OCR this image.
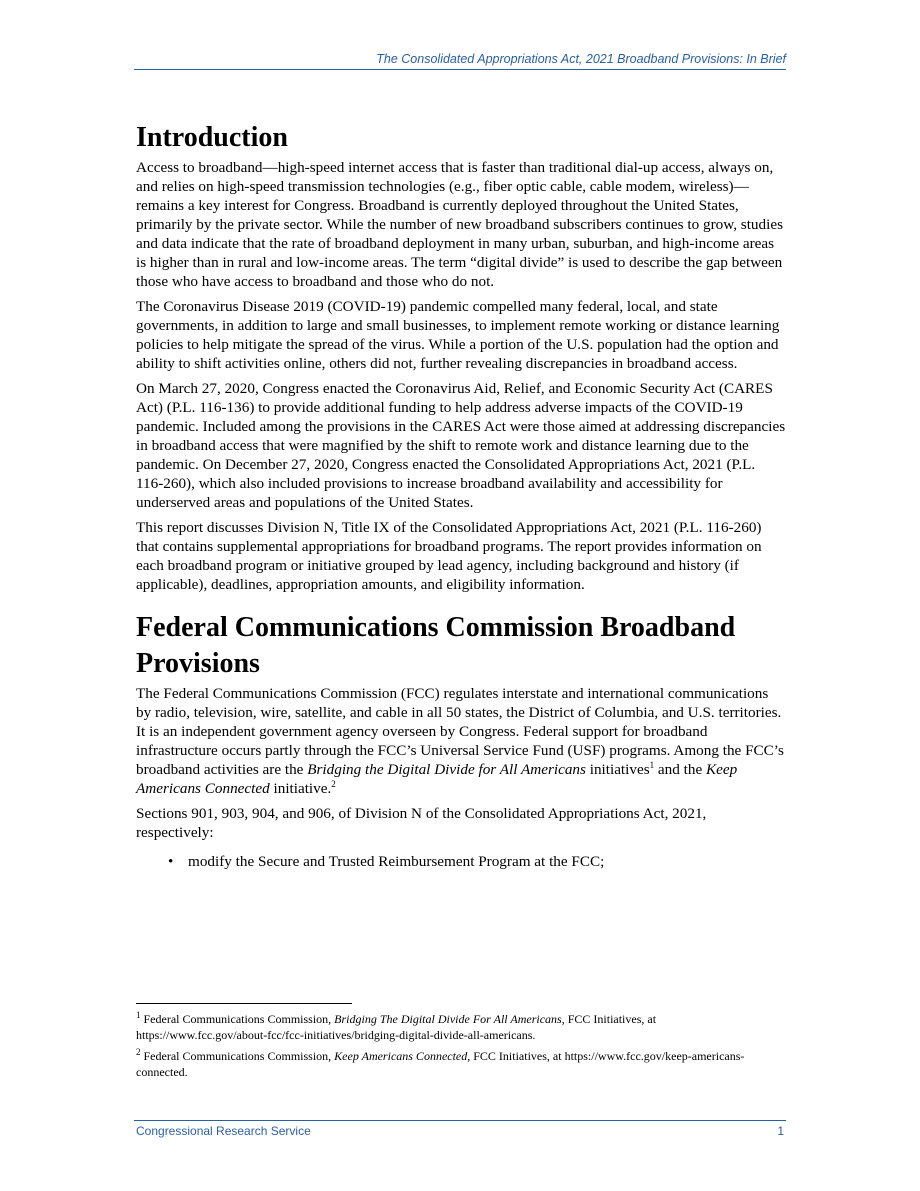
The Consolidated Appropriations Act, 2021 Broadband Provisions: In Brief
Introduction

Access to broadband—high-speed internet access that is faster than traditional dial-up access, always on, and relies on high-speed transmission technologies (e.g., fiber optic cable, cable modem, wireless)—remains a key interest for Congress. Broadband is currently deployed throughout the United States, primarily by the private sector. While the number of new broadband subscribers continues to grow, studies and data indicate that the rate of broadband deployment in many urban, suburban, and high-income areas is higher than in rural and low-income areas. The term “digital divide” is used to describe the gap between those who have access to broadband and those who do not.

The Coronavirus Disease 2019 (COVID-19) pandemic compelled many federal, local, and state governments, in addition to large and small businesses, to implement remote working or distance learning policies to help mitigate the spread of the virus. While a portion of the U.S. population had the option and ability to shift activities online, others did not, further revealing discrepancies in broadband access.

On March 27, 2020, Congress enacted the Coronavirus Aid, Relief, and Economic Security Act (CARES Act) (P.L. 116-136) to provide additional funding to help address adverse impacts of the COVID-19 pandemic. Included among the provisions in the CARES Act were those aimed at addressing discrepancies in broadband access that were magnified by the shift to remote work and distance learning due to the pandemic. On December 27, 2020, Congress enacted the Consolidated Appropriations Act, 2021 (P.L. 116-260), which also included provisions to increase broadband availability and accessibility for underserved areas and populations of the United States.

This report discusses Division N, Title IX of the Consolidated Appropriations Act, 2021 (P.L. 116-260) that contains supplemental appropriations for broadband programs. The report provides information on each broadband program or initiative grouped by lead agency, including background and history (if applicable), deadlines, appropriation amounts, and eligibility information.

Federal Communications Commission Broadband Provisions

The Federal Communications Commission (FCC) regulates interstate and international communications by radio, television, wire, satellite, and cable in all 50 states, the District of Columbia, and U.S. territories. It is an independent government agency overseen by Congress. Federal support for broadband infrastructure occurs partly through the FCC’s Universal Service Fund (USF) programs. Among the FCC’s broadband activities are the Bridging the Digital Divide for All Americans initiatives$^1$ and the Keep Americans Connected initiative.$^2$

Sections 901, 903, 904, and 906, of Division N of the Consolidated Appropriations Act, 2021, respectively:

• modify the Secure and Trusted Reimbursement Program at the FCC;

$^1$ Federal Communications Commission, Bridging The Digital Divide For All Americans, FCC Initiatives, at https://www.fcc.gov/about-fcc/fcc-initiatives/bridging-digital-divide-all-americans.

$^2$ Federal Communications Commission, Keep Americans Connected, FCC Initiatives, at https://www.fcc.gov/keep-americans-connected.

Congressional Research Service	1
